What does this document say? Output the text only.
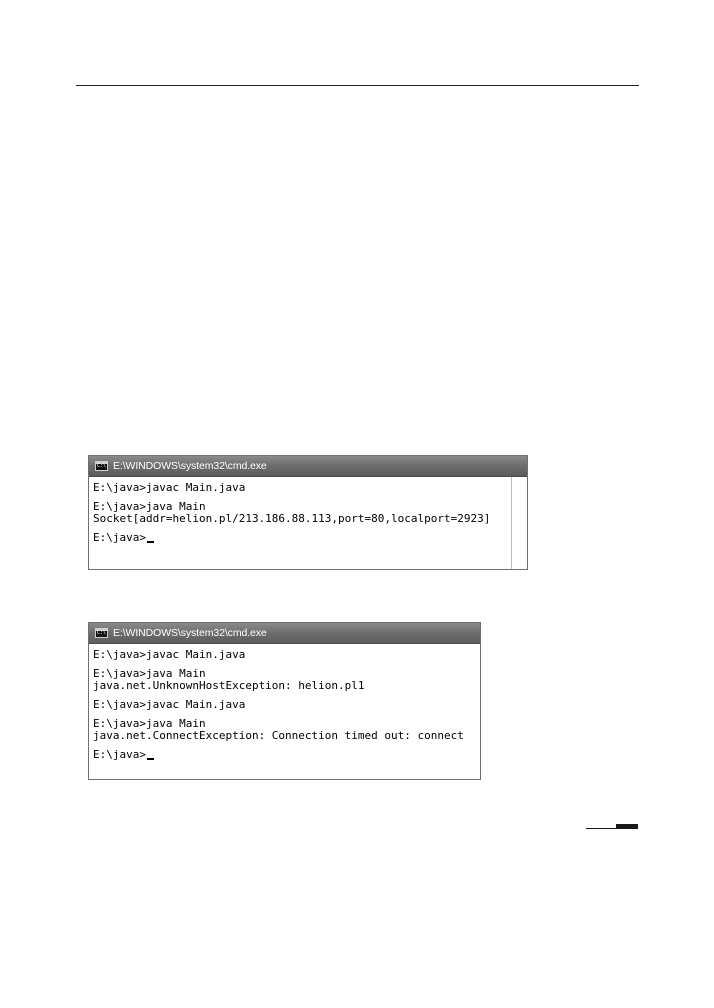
C:\
E:\WINDOWS\system32\cmd.exe
E:\java>javac Main.java
E:\java>java Main
Socket[addr=helion.pl/213.186.88.113,port=80,localport=2923]
E:\java>
C:\
E:\WINDOWS\system32\cmd.exe
E:\java>javac Main.java
E:\java>java Main
java.net.UnknownHostException: helion.pl1
E:\java>javac Main.java
E:\java>java Main
java.net.ConnectException: Connection timed out: connect
E:\java>
